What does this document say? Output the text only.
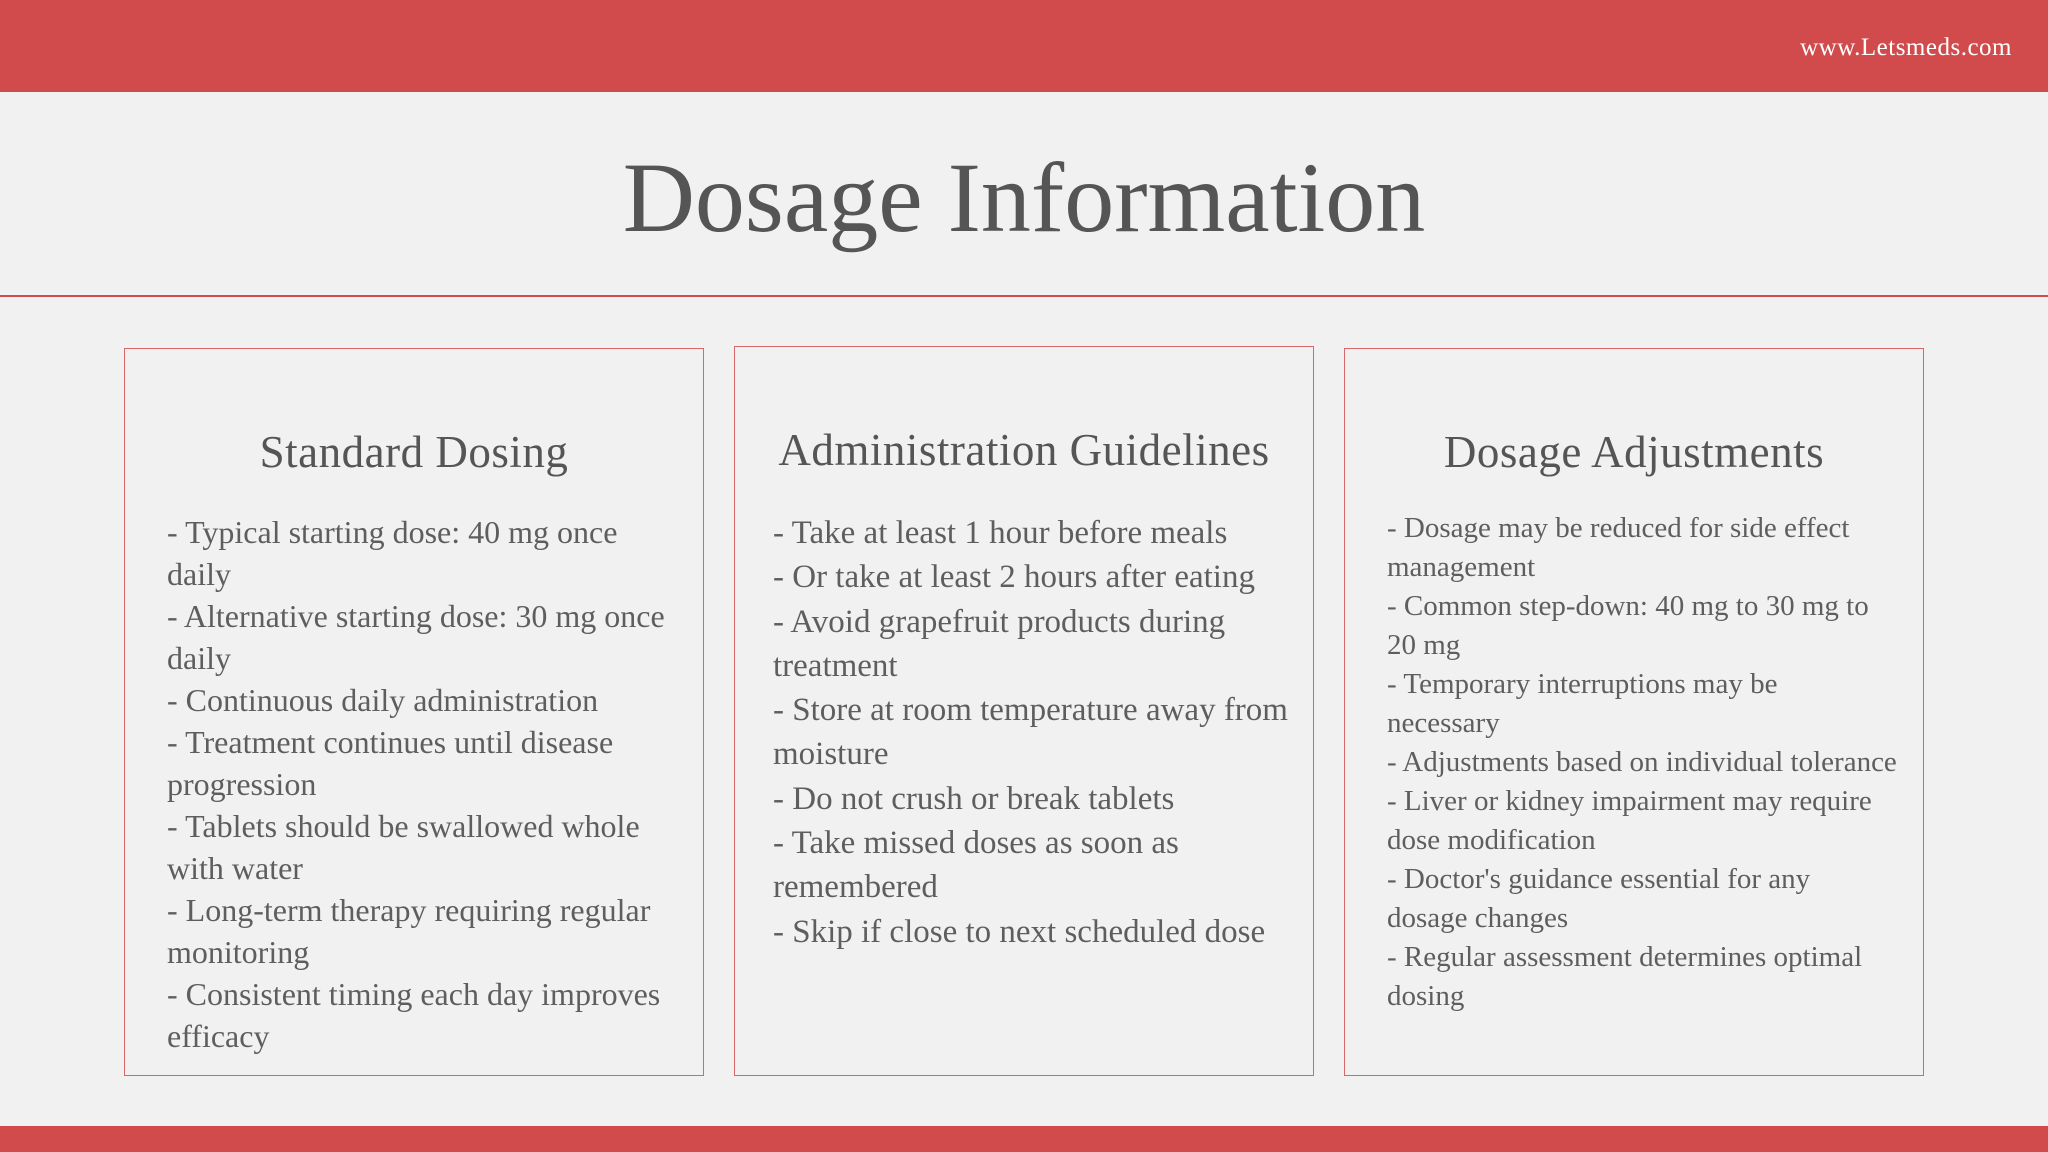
www.Letsmeds.com
Dosage Information
Standard Dosing
- Typical starting dose: 40 mg once daily
- Alternative starting dose: 30 mg once daily
- Continuous daily administration
- Treatment continues until disease progression
- Tablets should be swallowed whole with water
- Long-term therapy requiring regular monitoring
- Consistent timing each day improves efficacy
Administration Guidelines
- Take at least 1 hour before meals
- Or take at least 2 hours after eating
- Avoid grapefruit products during treatment
- Store at room temperature away from moisture
- Do not crush or break tablets
- Take missed doses as soon as remembered
- Skip if close to next scheduled dose
Dosage Adjustments
- Dosage may be reduced for side effect management
- Common step-down: 40 mg to 30 mg to 20 mg
- Temporary interruptions may be necessary
- Adjustments based on individual tolerance
- Liver or kidney impairment may require dose modification
- Doctor's guidance essential for any dosage changes
- Regular assessment determines optimal dosing
